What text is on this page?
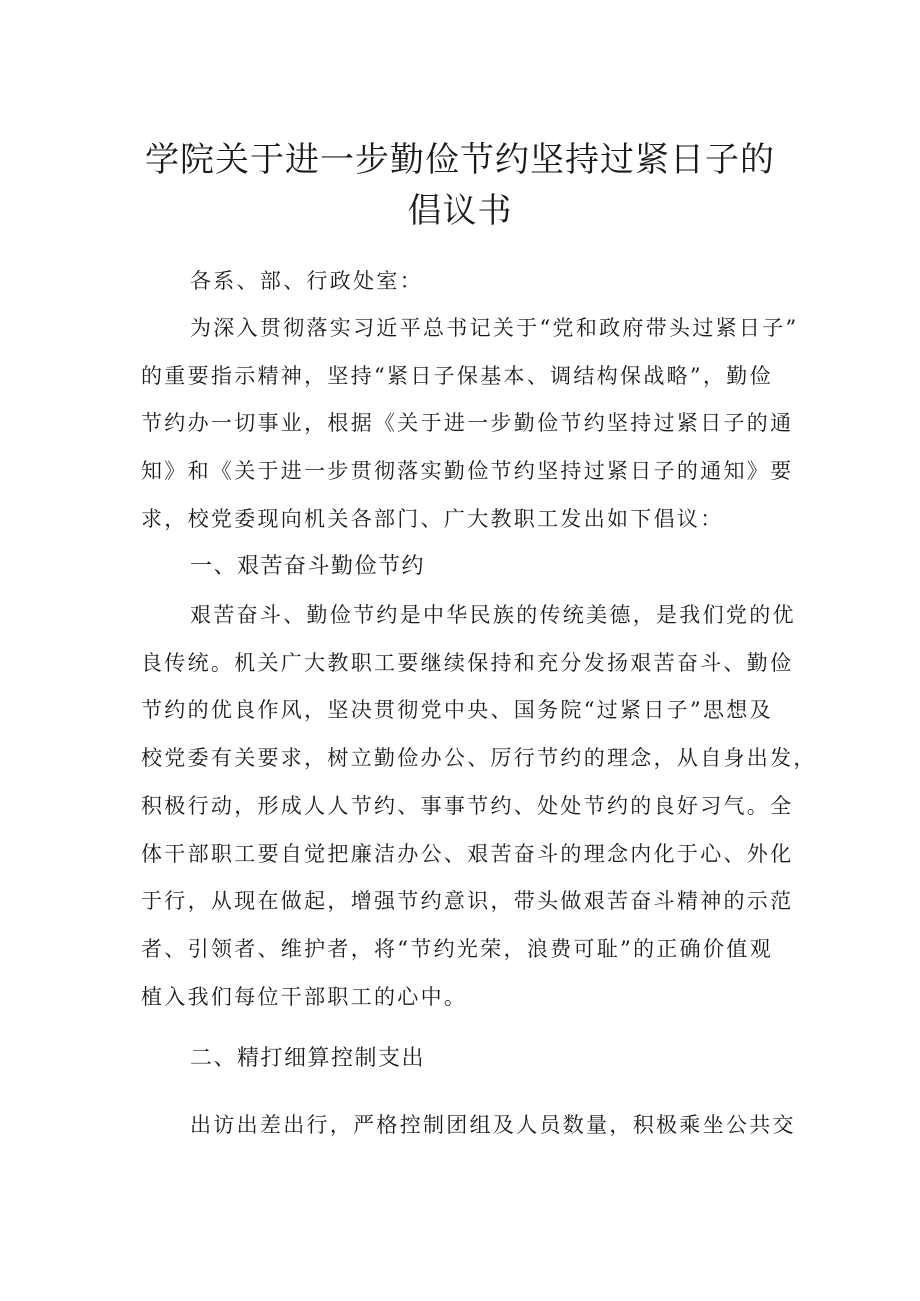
学院关于进一步勤俭节约坚持过紧日子的
倡议书
各系、部、行政处室：
为深入贯彻落实习近平总书记关于“党和政府带头过紧日子”
的重要指示精神，坚持“紧日子保基本、调结构保战略”，勤俭
节约办一切事业，根据《关于进一步勤俭节约坚持过紧日子的通
知》和《关于进一步贯彻落实勤俭节约坚持过紧日子的通知》要
求，校党委现向机关各部门、广大教职工发出如下倡议：
一、艰苦奋斗勤俭节约
艰苦奋斗、勤俭节约是中华民族的传统美德，是我们党的优
良传统。机关广大教职工要继续保持和充分发扬艰苦奋斗、勤俭
节约的优良作风，坚决贯彻党中央、国务院“过紧日子”思想及
校党委有关要求，树立勤俭办公、厉行节约的理念，从自身出发，
积极行动，形成人人节约、事事节约、处处节约的良好习气。全
体干部职工要自觉把廉洁办公、艰苦奋斗的理念内化于心、外化
于行，从现在做起，增强节约意识，带头做艰苦奋斗精神的示范
者、引领者、维护者，将“节约光荣，浪费可耻”的正确价值观
植入我们每位干部职工的心中。
二、精打细算控制支出
出访出差出行，严格控制团组及人员数量，积极乘坐公共交
